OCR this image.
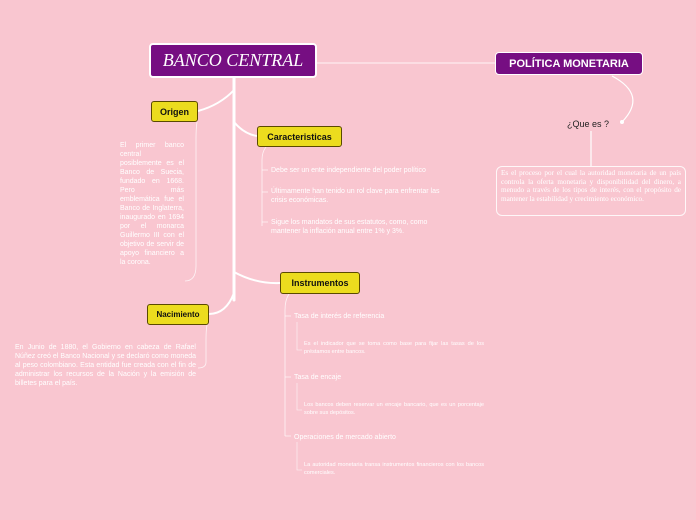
BANCO CENTRAL	POLÍTICA MONETARIA
¿Que es ?
Es el proceso por el cual la autoridad monetaria de un país controla la oferta monetaria y disponibilidad del dinero, a menudo a través de los tipos de interés, con el propósito de mantener la estabilidad y crecimiento económico.
Origen
El primer banco central posiblemente es el Banco de Suecia, fundado en 1668. Pero más emblemática fue el Banco de Inglaterra, inaugurado en 1694 por el monarca Guillermo III con el objetivo de servir de apoyo financiero a la corona.
Caracteristicas
Debe ser un ente independiente del poder político
Últimamente han tenido un rol clave para enfrentar las crisis económicas.
Sigue los mandatos de sus estatutos, como, como mantener la inflación anual entre 1% y 3%.
Instrumentos
Tasa de interés de referencia
Es el indicador que se toma como base para fijar las tasas de los préstamos entre bancos.
Tasa de encaje
Los bancos deben reservar un encaje bancario, que es un porcentaje sobre sus depósitos.
Operaciones de mercado abierto
La autoridad monetaria transa instrumentos financieros con los bancos comerciales.
Nacimiento
En Junio de 1880, el Gobierno en cabeza de Rafael Núñez creó el Banco Nacional y se declaró como moneda al peso colombiano. Esta entidad fue creada con el fin de administrar los recursos de la Nación y la emisión de billetes para el país.
